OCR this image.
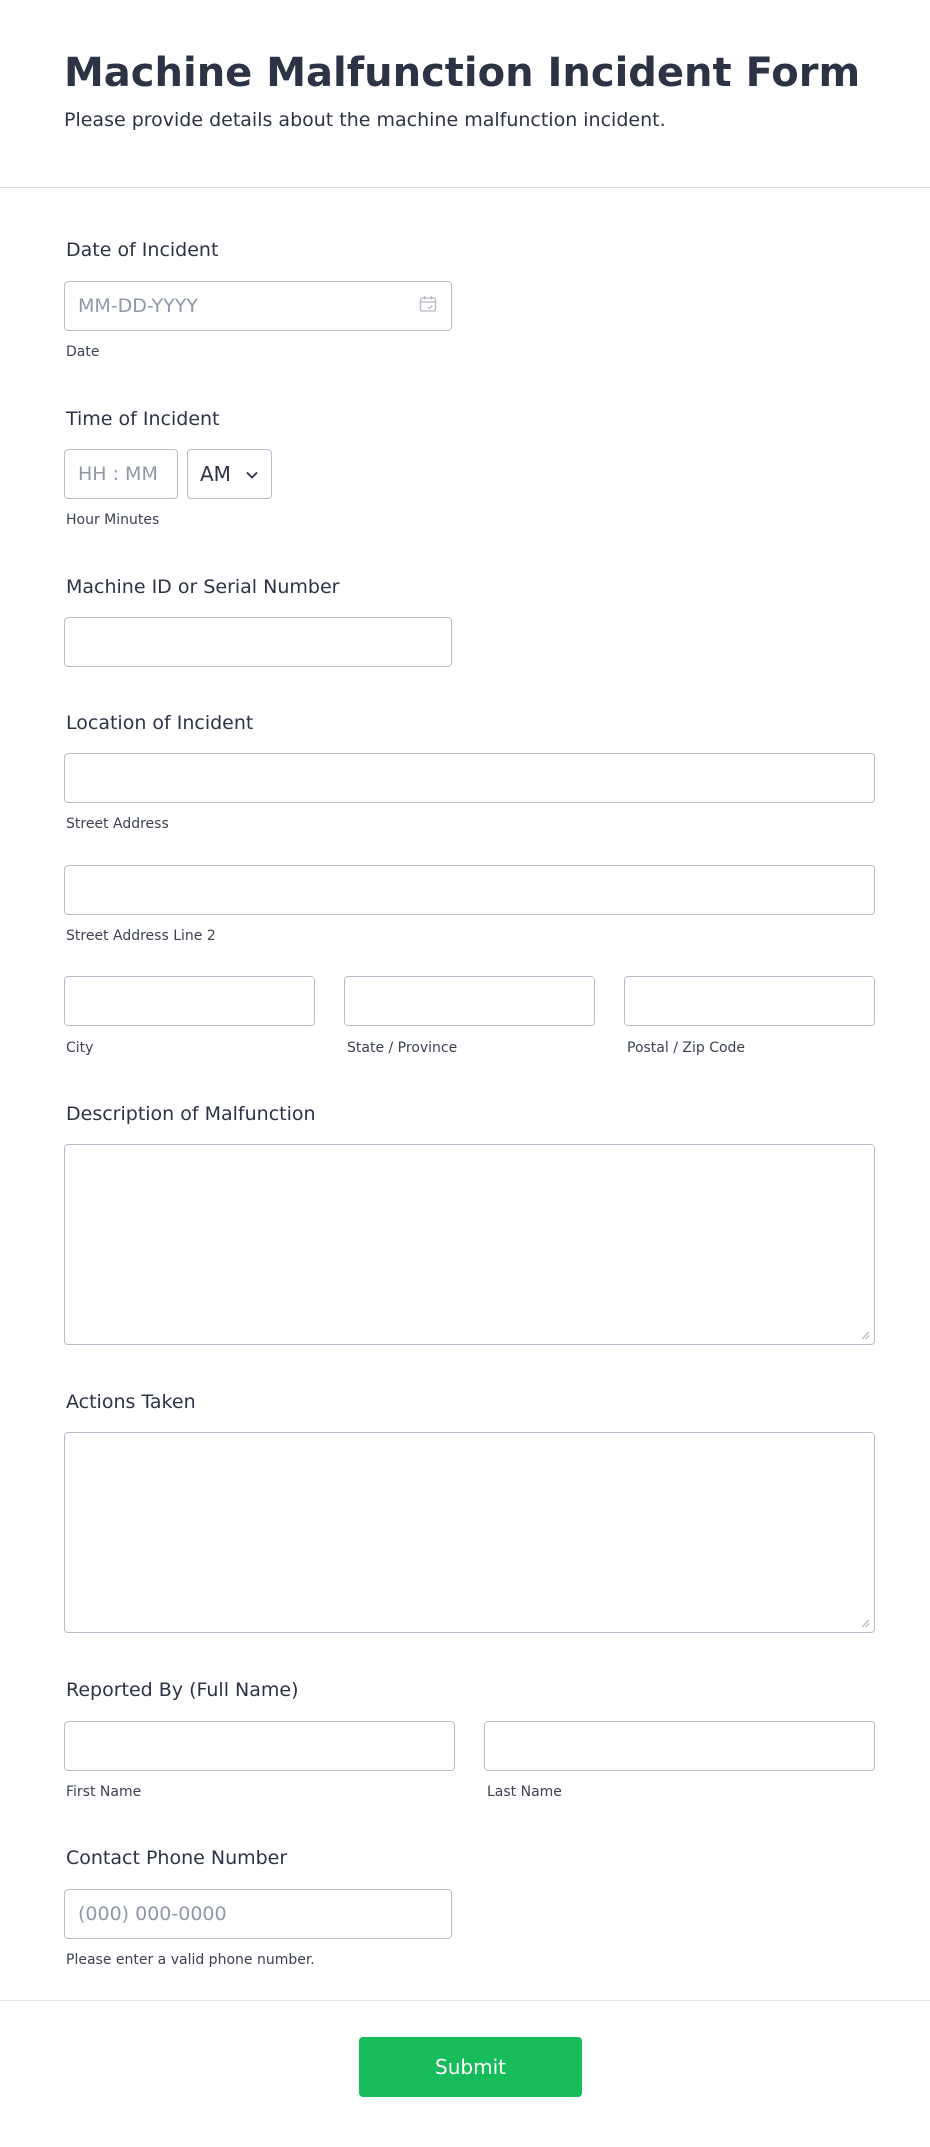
Machine Malfunction Incident Form

Please provide details about the machine malfunction incident.

Date of Incident
MM-DD-YYYY
Date
Time of Incident
HH : MM
AM
Hour Minutes
Machine ID or Serial Number
Location of Incident
Street Address
Street Address Line 2
City	State / Province	Postal / Zip Code
Description of Malfunction
Actions Taken
Reported By (Full Name)
First Name	Last Name
Contact Phone Number
(000) 000-0000
Please enter a valid phone number.
Submit
